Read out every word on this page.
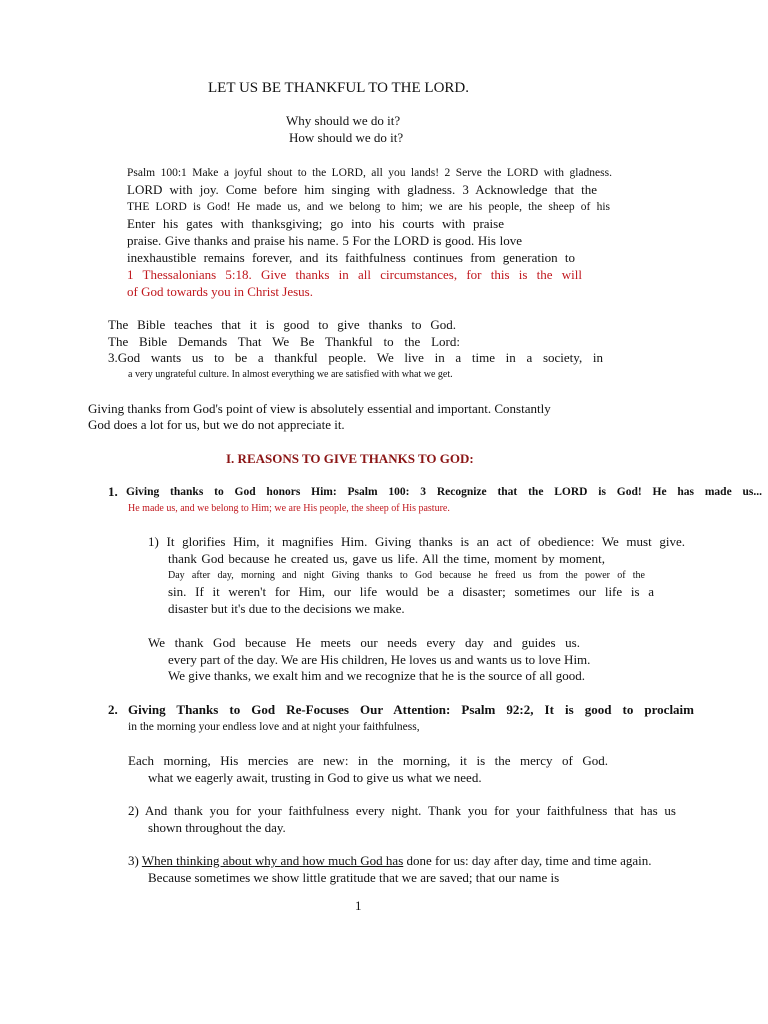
LET US BE THANKFUL TO THE LORD.
Why should we do it?
How should we do it?
Psalm 100:1 Make a joyful shout to the LORD, all you lands! 2 Serve the LORD with gladness.
LORD with joy. Come before him singing with gladness. 3 Acknowledge that the
THE LORD is God! He made us, and we belong to him; we are his people, the sheep of his
Enter his gates with thanksgiving; go into his courts with praise
praise. Give thanks and praise his name. 5 For the LORD is good. His love
inexhaustible remains forever, and its faithfulness continues from generation to
1 Thessalonians 5:18. Give thanks in all circumstances, for this is the will
of God towards you in Christ Jesus.
The Bible teaches that it is good to give thanks to God.
The Bible Demands That We Be Thankful to the Lord:
3.God wants us to be a thankful people. We live in a time in a society, in
a very ungrateful culture. In almost everything we are satisfied with what we get.
Giving thanks from God's point of view is absolutely essential and important. Constantly
God does a lot for us, but we do not appreciate it.
I. REASONS TO GIVE THANKS TO GOD:
1. Giving thanks to God honors Him: Psalm 100: 3 Recognize that the LORD is God! He has made us...
He made us, and we belong to Him; we are His people, the sheep of His pasture.
1) It glorifies Him, it magnifies Him. Giving thanks is an act of obedience: We must give.
thank God because he created us, gave us life. All the time, moment by moment,
Day after day, morning and night Giving thanks to God because he freed us from the power of the
sin. If it weren't for Him, our life would be a disaster; sometimes our life is a
disaster but it's due to the decisions we make.
We thank God because He meets our needs every day and guides us.
every part of the day. We are His children, He loves us and wants us to love Him.
We give thanks, we exalt him and we recognize that he is the source of all good.
2. Giving Thanks to God Re-Focuses Our Attention: Psalm 92:2, It is good to proclaim
in the morning your endless love and at night your faithfulness,
Each morning, His mercies are new: in the morning, it is the mercy of God.
what we eagerly await, trusting in God to give us what we need.
2) And thank you for your faithfulness every night. Thank you for your faithfulness that has us
shown throughout the day.
3) When thinking about why and how much God has done for us: day after day, time and time again.
Because sometimes we show little gratitude that we are saved; that our name is
1
